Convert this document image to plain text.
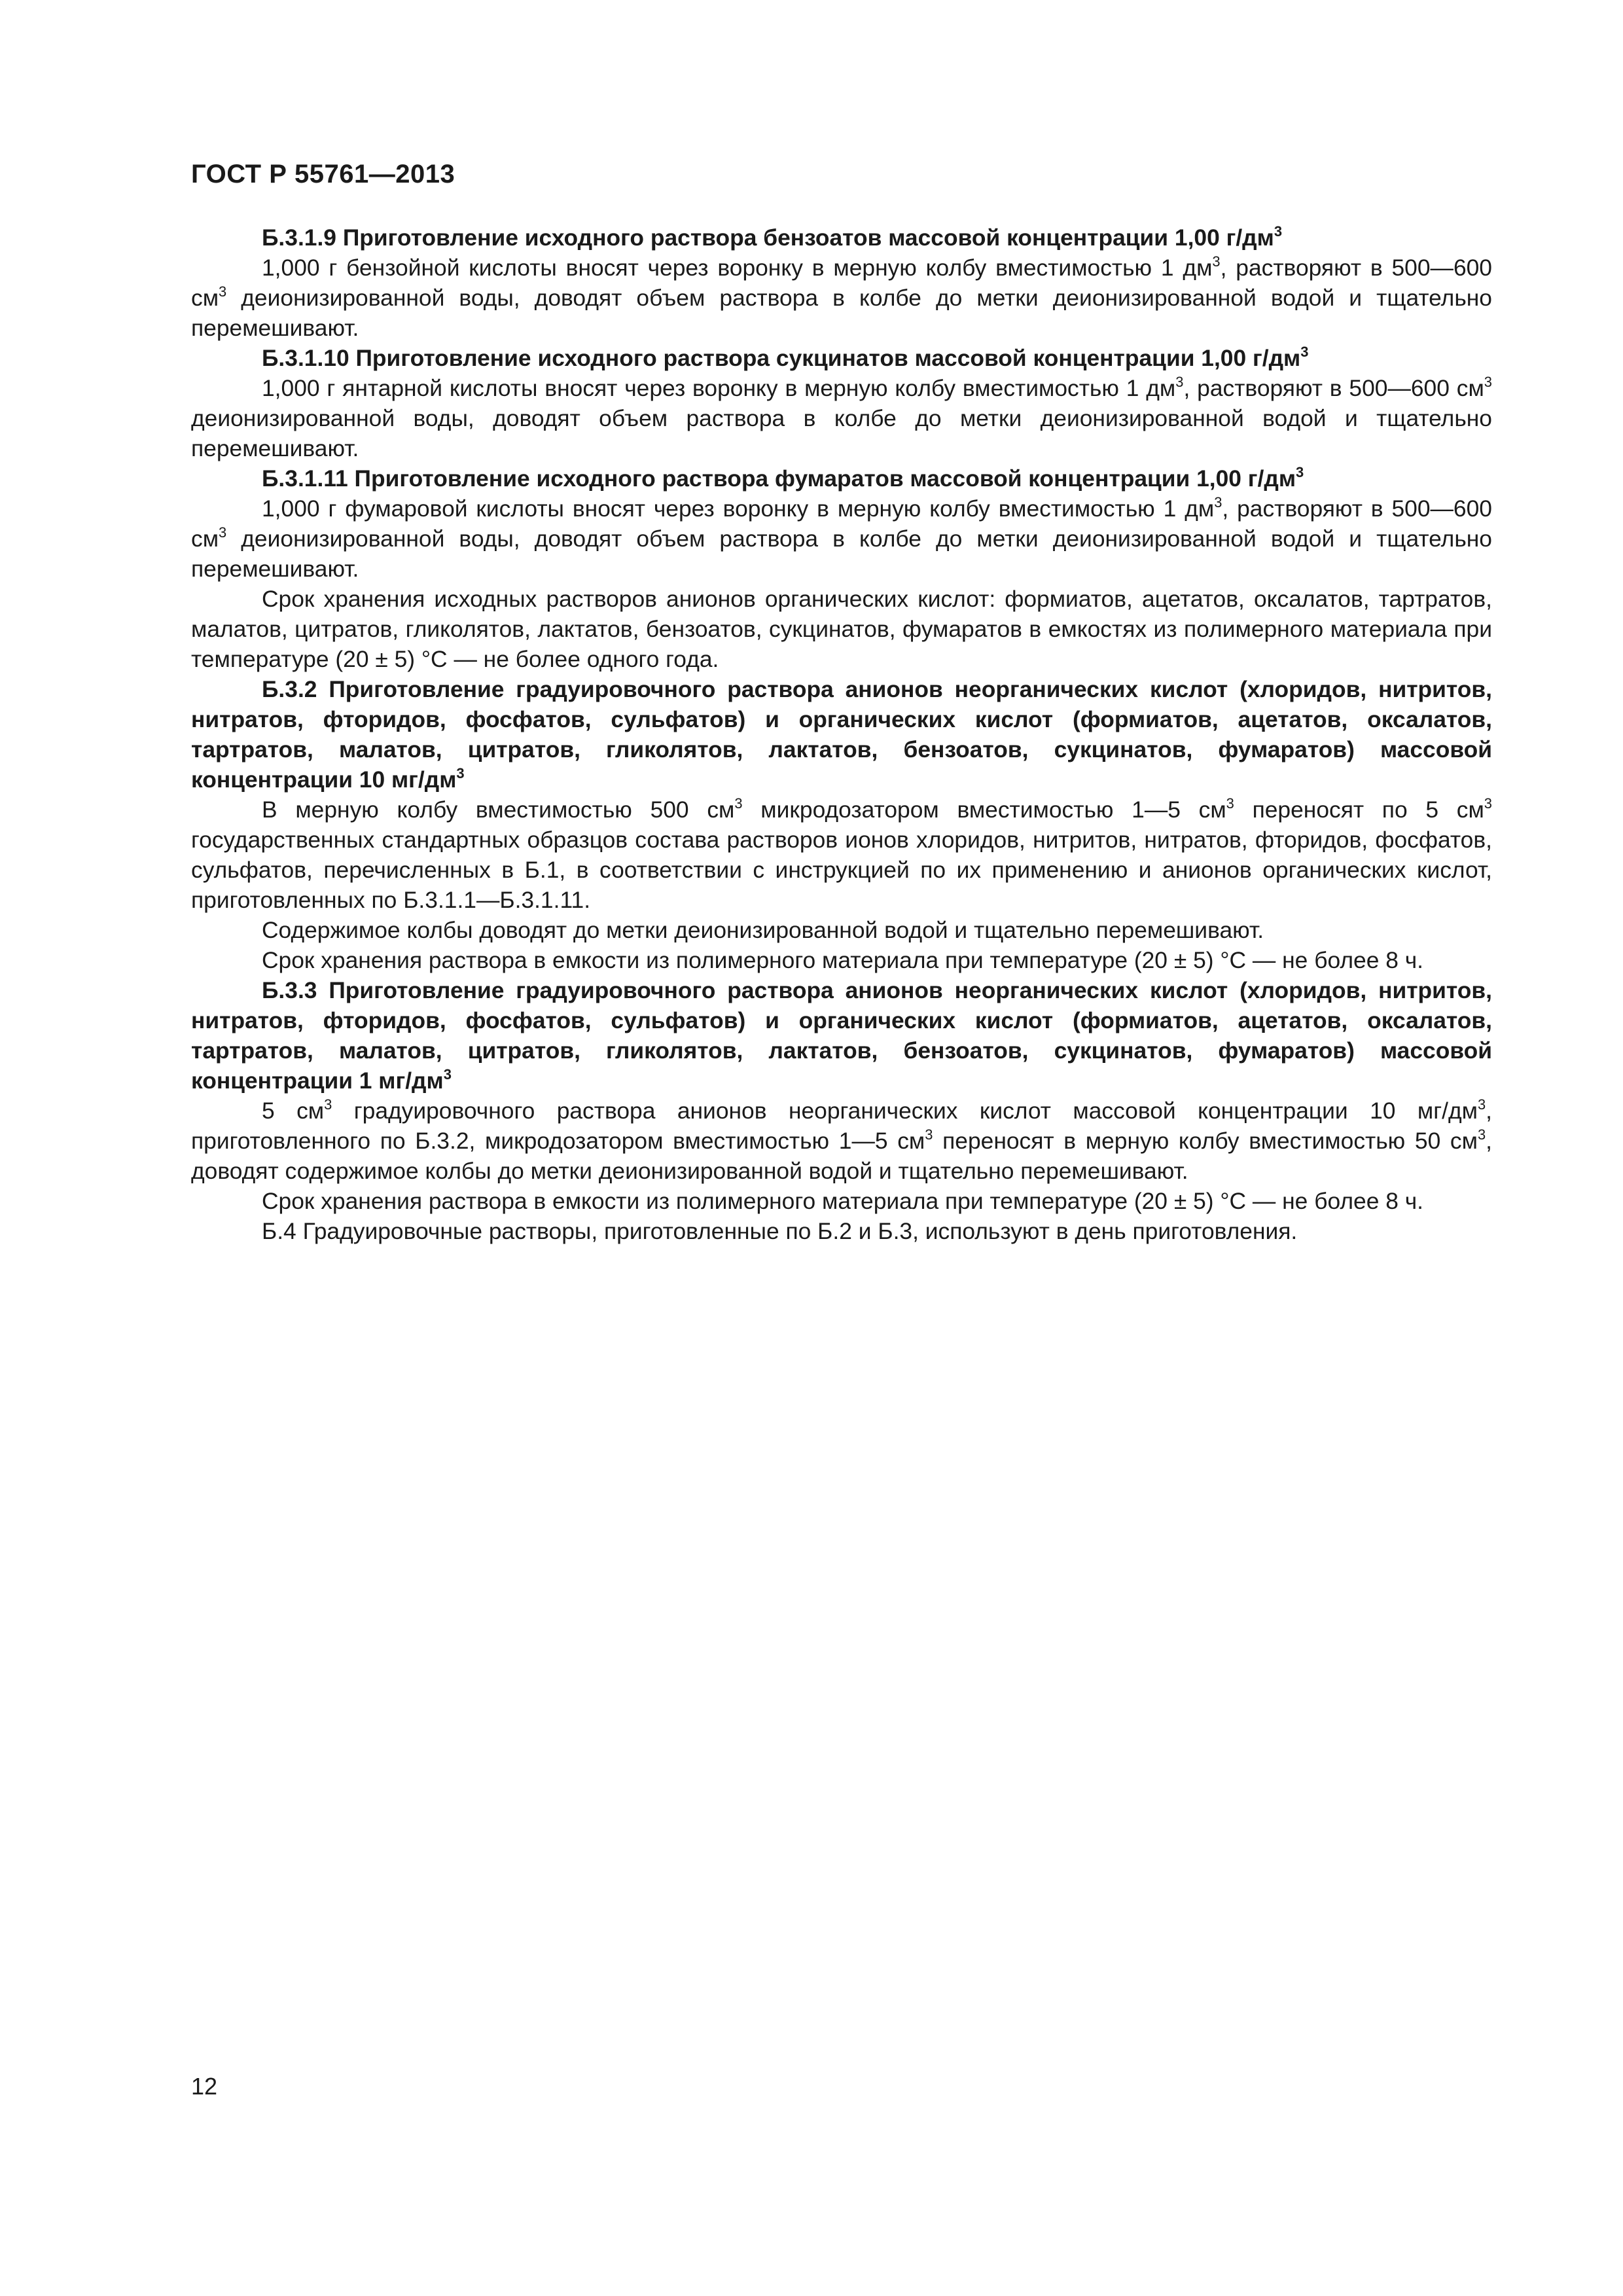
ГОСТ Р 55761—2013

Б.3.1.9 Приготовление исходного раствора бензоатов массовой концентрации 1,00 $г/дм^3$

1,000 г бензойной кислоты вносят через воронку в мерную колбу вместимостью 1 $дм^3$, растворяют в 500—600 $см^3$ деионизированной воды, доводят объем раствора в колбе до метки деионизированной водой и тщательно перемешивают.

Б.3.1.10 Приготовление исходного раствора сукцинатов массовой концентрации 1,00 $г/дм^3$

1,000 г янтарной кислоты вносят через воронку в мерную колбу вместимостью 1 $дм^3$, растворяют в 500—600 $см^3$ деионизированной воды, доводят объем раствора в колбе до метки деионизированной водой и тщательно перемешивают.

Б.3.1.11 Приготовление исходного раствора фумаратов массовой концентрации 1,00 $г/дм^3$

1,000 г фумаровой кислоты вносят через воронку в мерную колбу вместимостью 1 $дм^3$, растворяют в 500—600 $см^3$ деионизированной воды, доводят объем раствора в колбе до метки деионизированной водой и тщательно перемешивают.

Срок хранения исходных растворов анионов органических кислот: формиатов, ацетатов, оксалатов, тартратов, малатов, цитратов, гликолятов, лактатов, бензоатов, сукцинатов, фумаратов в емкостях из полимерного материала при температуре (20 ± 5) °С — не более одного года.

Б.3.2 Приготовление градуировочного раствора анионов неорганических кислот (хлоридов, нитритов, нитратов, фторидов, фосфатов, сульфатов) и органических кислот (формиатов, ацетатов, оксалатов, тартратов, малатов, цитратов, гликолятов, лактатов, бензоатов, сукцинатов, фумаратов) массовой концентрации 10 $мг/дм^3$

В мерную колбу вместимостью 500 $см^3$ микродозатором вместимостью 1—5 $см^3$ переносят по 5 $см^3$ государственных стандартных образцов состава растворов ионов хлоридов, нитритов, нитратов, фторидов, фосфатов, сульфатов, перечисленных в Б.1, в соответствии с инструкцией по их применению и анионов органических кислот, приготовленных по Б.3.1.1—Б.3.1.11.

Содержимое колбы доводят до метки деионизированной водой и тщательно перемешивают.

Срок хранения раствора в емкости из полимерного материала при температуре (20 ± 5) °С — не более 8 ч.

Б.3.3 Приготовление градуировочного раствора анионов неорганических кислот (хлоридов, нитритов, нитратов, фторидов, фосфатов, сульфатов) и органических кислот (формиатов, ацетатов, оксалатов, тартратов, малатов, цитратов, гликолятов, лактатов, бензоатов, сукцинатов, фумаратов) массовой концентрации 1 $мг/дм^3$

5 $см^3$ градуировочного раствора анионов неорганических кислот массовой концентрации 10 $мг/дм^3$, приготовленного по Б.3.2, микродозатором вместимостью 1—5 $см^3$ переносят в мерную колбу вместимостью 50 $см^3$, доводят содержимое колбы до метки деионизированной водой и тщательно перемешивают.

Срок хранения раствора в емкости из полимерного материала при температуре (20 ± 5) °С — не более 8 ч.

Б.4 Градуировочные растворы, приготовленные по Б.2 и Б.3, используют в день приготовления.

12
